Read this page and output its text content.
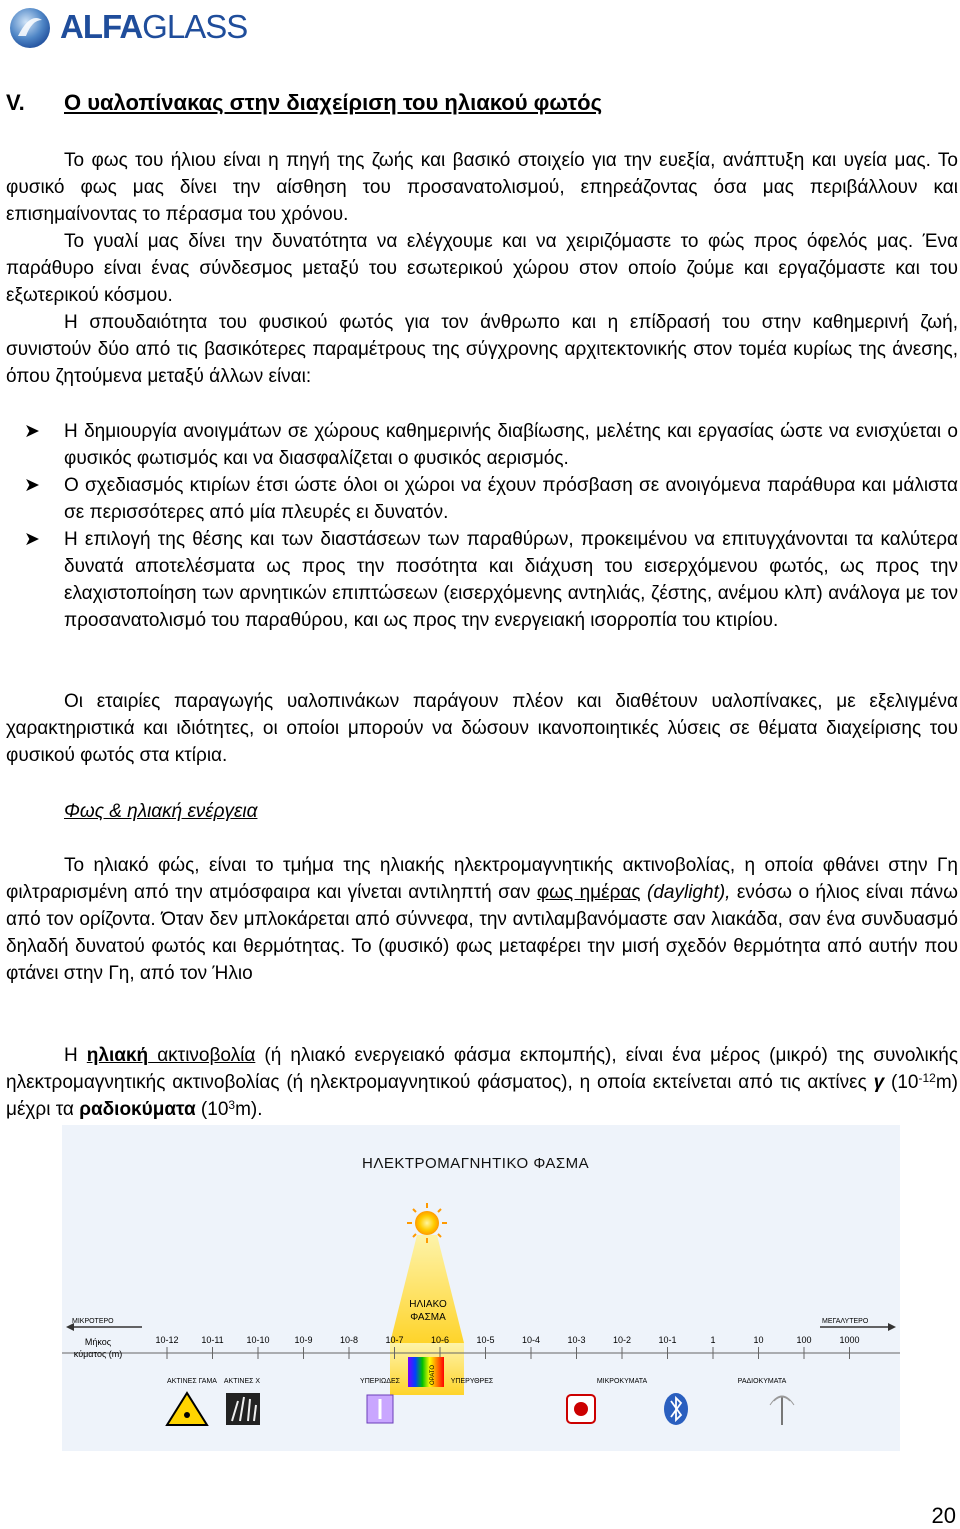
ALFAGLASS
V. Ο υαλοπίνακας στην διαχείριση του ηλιακού φωτός

Το φως του ήλιου είναι η πηγή της ζωής και βασικό στοιχείο για την ευεξία, ανάπτυξη και υγεία μας. Το φυσικό φως μας δίνει την αίσθηση του προσανατολισμού, επηρεάζοντας όσα μας περιβάλλουν και επισημαίνοντας το πέρασμα του χρόνου.

Το γυαλί μας δίνει την δυνατότητα να ελέγχουμε και να χειριζόμαστε το φώς προς όφελός μας. Ένα παράθυρο είναι ένας σύνδεσμος μεταξύ του εσωτερικού χώρου στον οποίο ζούμε και εργαζόμαστε και του εξωτερικού κόσμου.

Η σπουδαιότητα του φυσικού φωτός για τον άνθρωπο και η επίδρασή του στην καθημερινή ζωή, συνιστούν δύο από τις βασικότερες παραμέτρους της σύγχρονης αρχιτεκτονικής στον τομέα κυρίως της άνεσης, όπου ζητούμενα μεταξύ άλλων είναι:

➤ Η δημιουργία ανοιγμάτων σε χώρους καθημερινής διαβίωσης, μελέτης και εργασίας ώστε να ενισχύεται ο φυσικός φωτισμός και να διασφαλίζεται ο φυσικός αερισμός.
➤ Ο σχεδιασμός κτιρίων έτσι ώστε όλοι οι χώροι να έχουν πρόσβαση σε ανοιγόμενα παράθυρα και μάλιστα σε περισσότερες από μία πλευρές ει δυνατόν.
➤ Η επιλογή της θέσης και των διαστάσεων των παραθύρων, προκειμένου να επιτυγχάνονται τα καλύτερα δυνατά αποτελέσματα ως προς την ποσότητα και διάχυση του εισερχόμενου φωτός, ως προς την ελαχιστοποίηση των αρνητικών επιπτώσεων (εισερχόμενης αντηλιάς, ζέστης, ανέμου κλπ) ανάλογα με τον προσανατολισμό του παραθύρου, και ως προς την ενεργειακή ισορροπία του κτιρίου.

Οι εταιρίες παραγωγής υαλοπινάκων παράγουν πλέον και διαθέτουν υαλοπίνακες, με εξελιγμένα χαρακτηριστικά και ιδιότητες, οι οποίοι μπορούν να δώσουν ικανοποιητικές λύσεις σε θέματα διαχείρισης του φυσικού φωτός στα κτίρια.

Φως & ηλιακή ενέργεια

Το ηλιακό φώς, είναι το τμήμα της ηλιακής ηλεκτρομαγνητικής ακτινοβολίας, η οποία φθάνει στην Γη φιλτραρισμένη από την ατμόσφαιρα και γίνεται αντιληπτή σαν φως ημέρας (daylight), ενόσω ο ήλιος είναι πάνω από τον ορίζοντα. Όταν δεν μπλοκάρεται από σύννεφα, την αντιλαμβανόμαστε σαν λιακάδα, σαν ένα συνδυασμό δηλαδή δυνατού φωτός και θερμότητας. Το (φυσικό) φως μεταφέρει την μισή σχεδόν θερμότητα από αυτήν που φτάνει στην Γη, από τον Ήλιο

Η ηλιακή ακτινοβολία (ή ηλιακό ενεργειακό φάσμα εκπομπής), είναι ένα μέρος (μικρό) της συνολικής ηλεκτρομαγνητικής ακτινοβολίας (ή ηλεκτρομαγνητικού φάσματος), η οποία εκτείνεται από τις ακτίνες γ $(10^{-12}m)$ μέχρι τα ραδιοκύματα $(10^3m)$.

ΗΛΕΚΤΡΟΜΑΓΝΗΤΙΚΟ ΦΑΣΜΑ
ΗΛΙΑΚΟ
ΦΑΣΜΑ
ΜΙΚΡΟΤΕΡΟ	ΜΕΓΑΛΥΤΕΡΟ
Μήκος
κύματος (m)
10-12	10-11	10-10	10-9	10-8	10-7	10-6	10-5	10-4	10-3	10-2	10-1	1	10	100	1000
ΑΚΤΙΝΕΣ ΓΑΜΑ ΑΚΤΙΝΕΣ Χ	ΥΠΕΡΙΩΔΕΣ	ΟΡΑΤΟ ΥΠΕΡΥΘΡΕΣ	ΜΙΚΡΟΚΥΜΑΤΑ	ΡΑΔΙΟΚΥΜΑΤΑ
20
